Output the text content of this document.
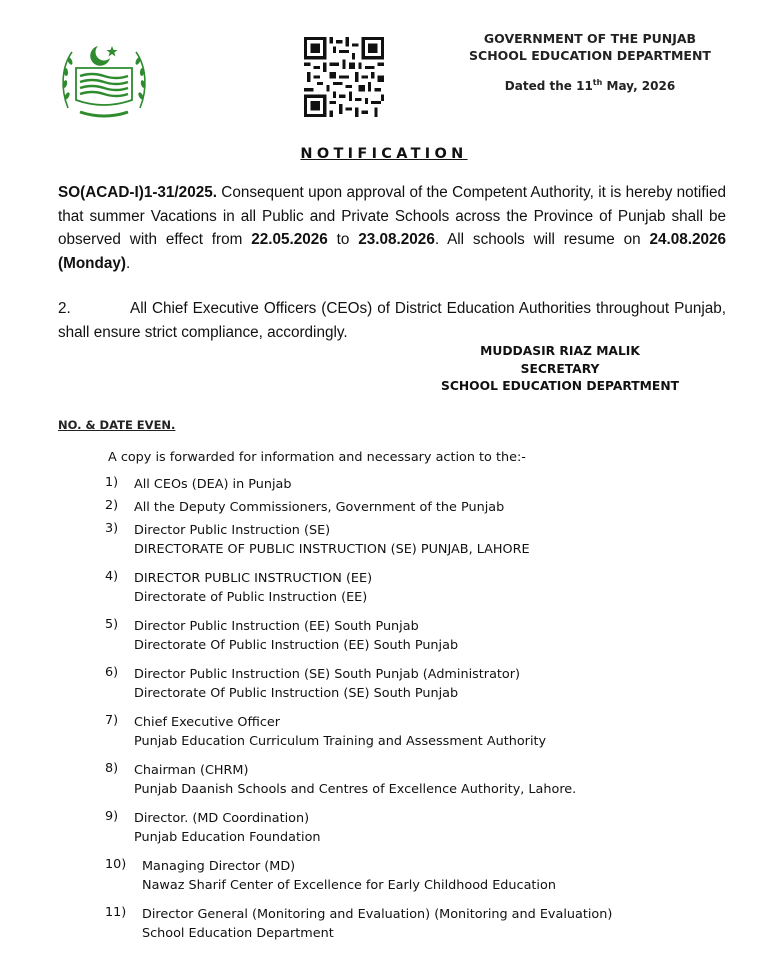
GOVERNMENT OF THE PUNJAB
SCHOOL EDUCATION DEPARTMENT
Dated the 11th May, 2026
NOTIFICATION
SO(ACAD-I)1-31/2025. Consequent upon approval of the Competent Authority, it is hereby notified that summer Vacations in all Public and Private Schools across the Province of Punjab shall be observed with effect from 22.05.2026 to 23.08.2026. All schools will resume on 24.08.2026 (Monday).
2.	All Chief Executive Officers (CEOs) of District Education Authorities throughout Punjab, shall ensure strict compliance, accordingly.
MUDDASIR RIAZ MALIK
SECRETARY
SCHOOL EDUCATION DEPARTMENT
NO. & DATE EVEN.
A copy is forwarded for information and necessary action to the:-
1) All CEOs (DEA) in Punjab
2) All the Deputy Commissioners, Government of the Punjab
3) Director Public Instruction (SE)
DIRECTORATE OF PUBLIC INSTRUCTION (SE) PUNJAB, LAHORE
4) DIRECTOR PUBLIC INSTRUCTION (EE)
Directorate of Public Instruction (EE)
5) Director Public Instruction (EE) South Punjab
Directorate Of Public Instruction (EE) South Punjab
6) Director Public Instruction (SE) South Punjab (Administrator)
Directorate Of Public Instruction (SE) South Punjab
7) Chief Executive Officer
Punjab Education Curriculum Training and Assessment Authority
8) Chairman (CHRM)
Punjab Daanish Schools and Centres of Excellence Authority, Lahore.
9) Director. (MD Coordination)
Punjab Education Foundation
10) Managing Director (MD)
Nawaz Sharif Center of Excellence for Early Childhood Education
11) Director General (Monitoring and Evaluation) (Monitoring and Evaluation)
School Education Department
